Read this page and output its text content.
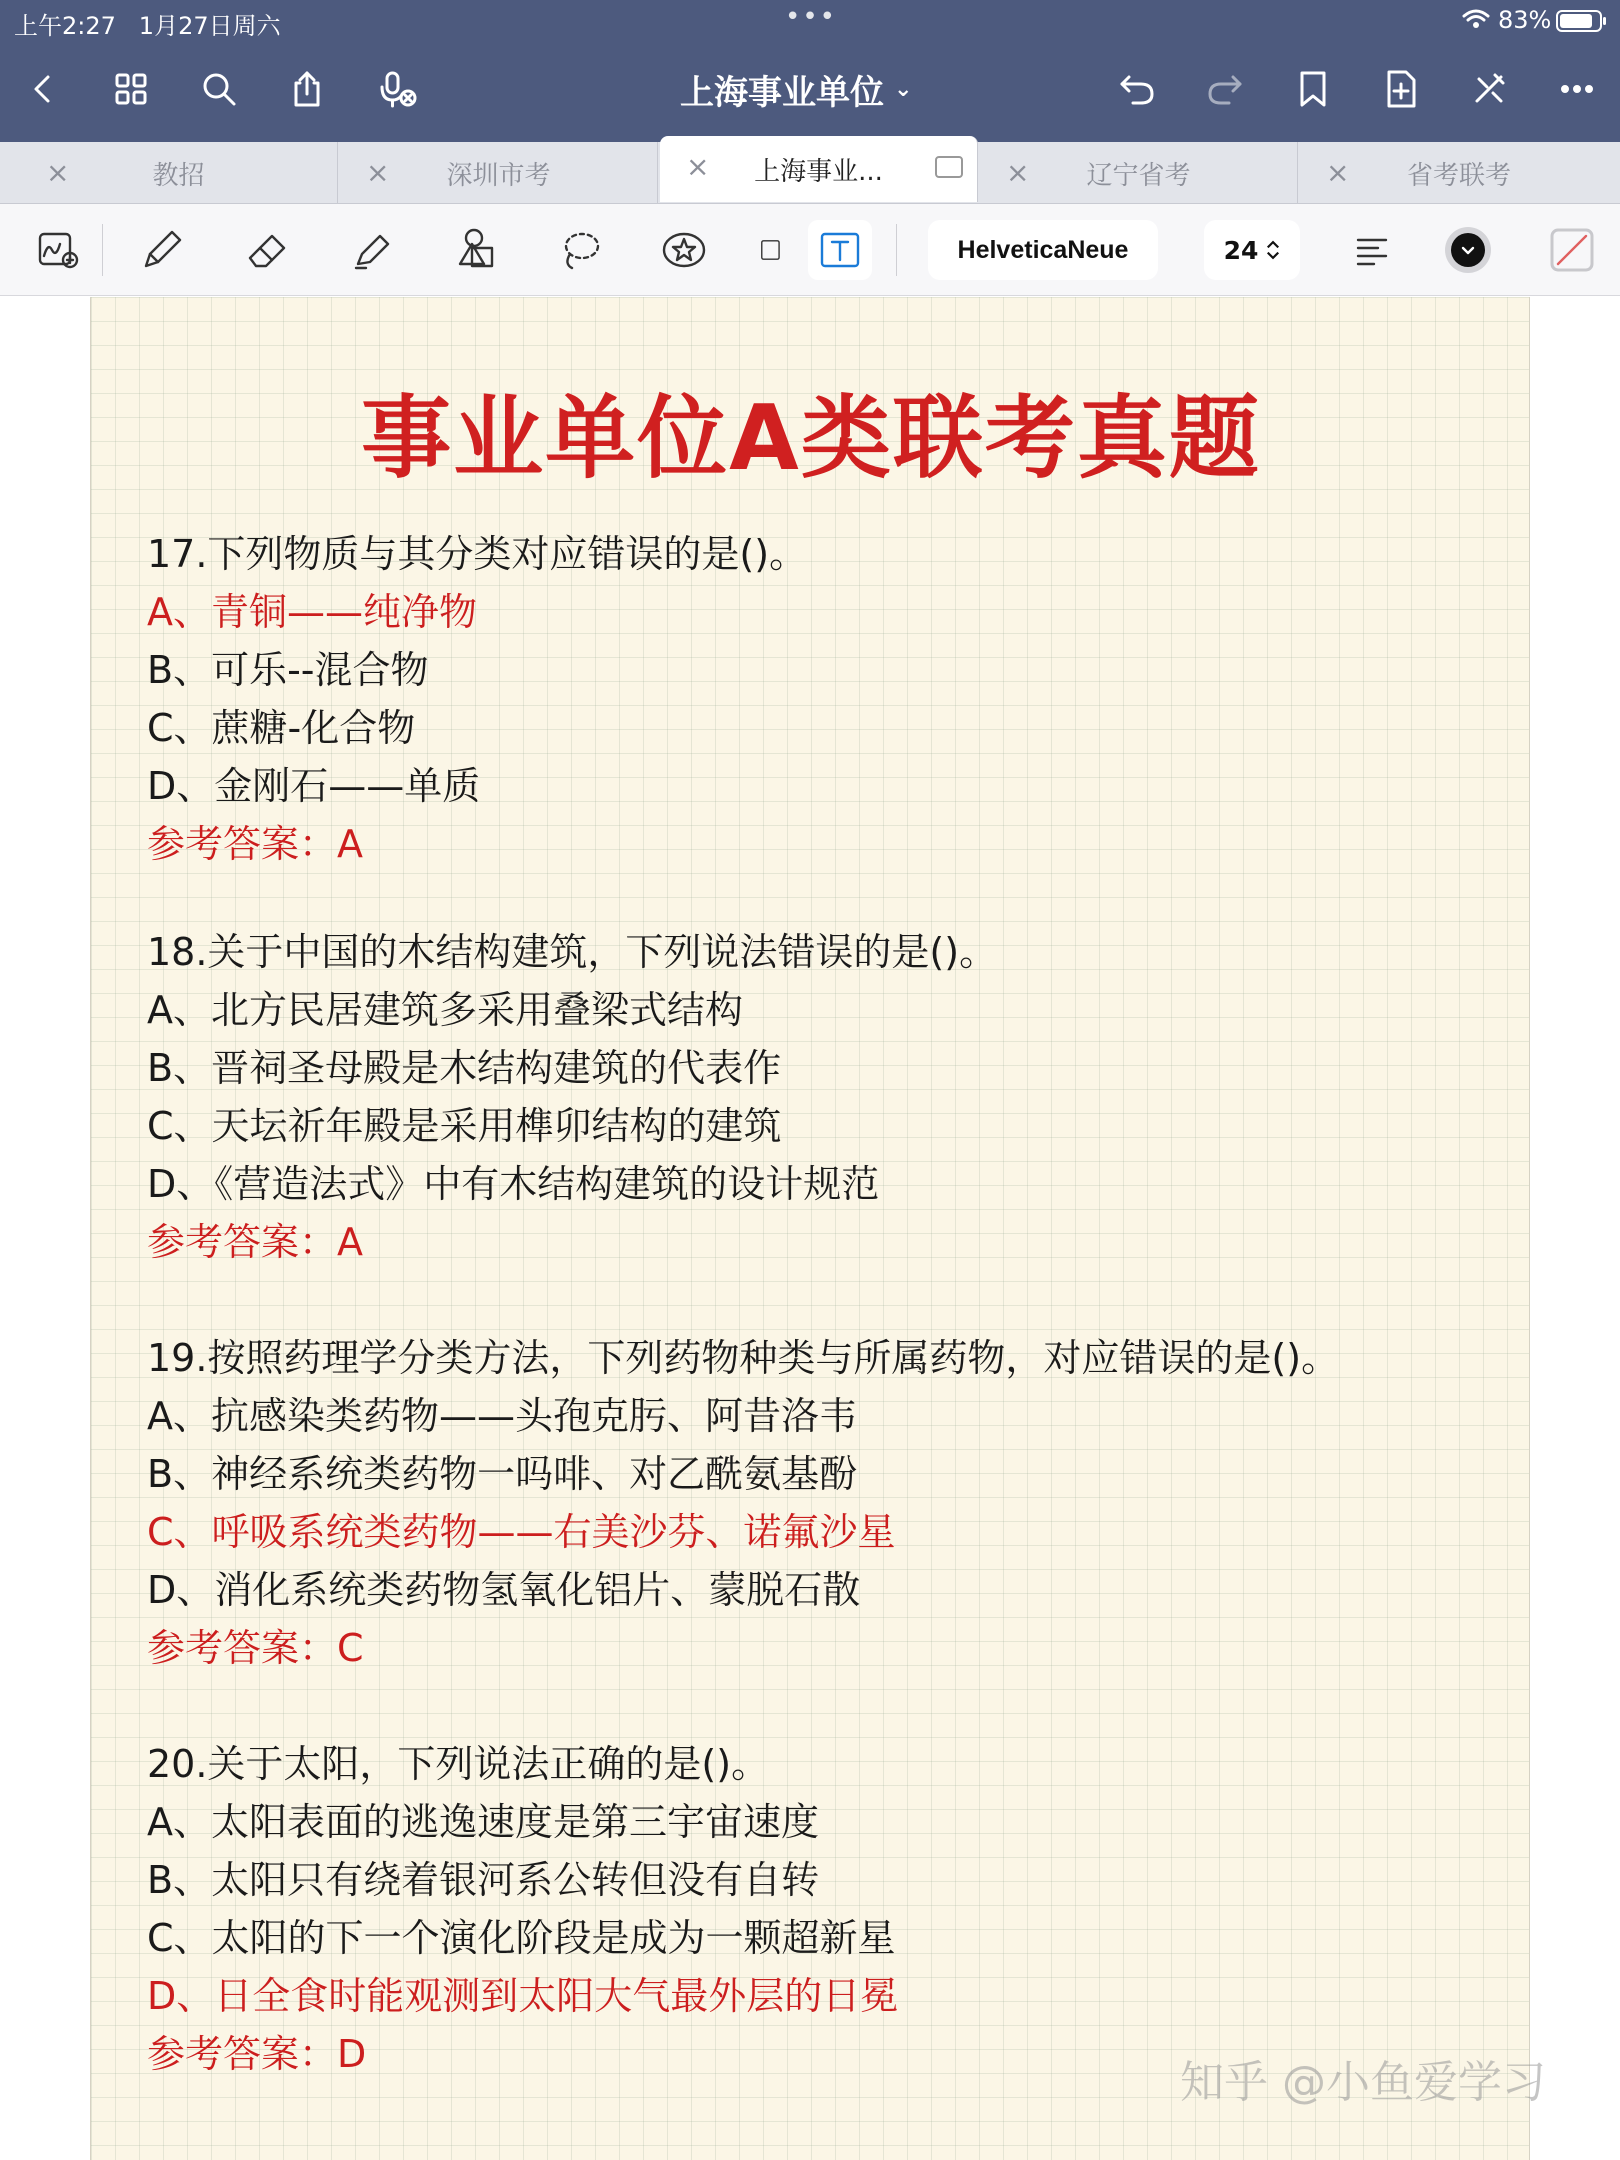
上午2:27 1月27日周六	•••	83%
上海事业单位 ⌄
×	教招	× 深圳市考	× 上海事业...	× 辽宁省考	× 省考联考
HelveticaNeue	24
事业单位A类联考真题
17.下列物质与其分类对应错误的是()。
A、青铜——纯净物
B、可乐--混合物
C、蔗糖-化合物
D、金刚石——单质
参考答案：A
18.关于中国的木结构建筑，下列说法错误的是()。
A、北方民居建筑多采用叠梁式结构
B、晋祠圣母殿是木结构建筑的代表作
C、天坛祈年殿是采用榫卯结构的建筑
D、《营造法式》中有木结构建筑的设计规范
参考答案：A
19.按照药理学分类方法，下列药物种类与所属药物，对应错误的是()。
A、抗感染类药物——头孢克肟、阿昔洛韦
B、神经系统类药物一吗啡、对乙酰氨基酚
C、呼吸系统类药物——右美沙芬、诺氟沙星
D、消化系统类药物氢氧化铝片、蒙脱石散
参考答案：C
20.关于太阳，下列说法正确的是()。
A、太阳表面的逃逸速度是第三宇宙速度
B、太阳只有绕着银河系公转但没有自转
C、太阳的下一个演化阶段是成为一颗超新星
D、日全食时能观测到太阳大气最外层的日冕
参考答案：D
知乎 @小鱼爱学习
